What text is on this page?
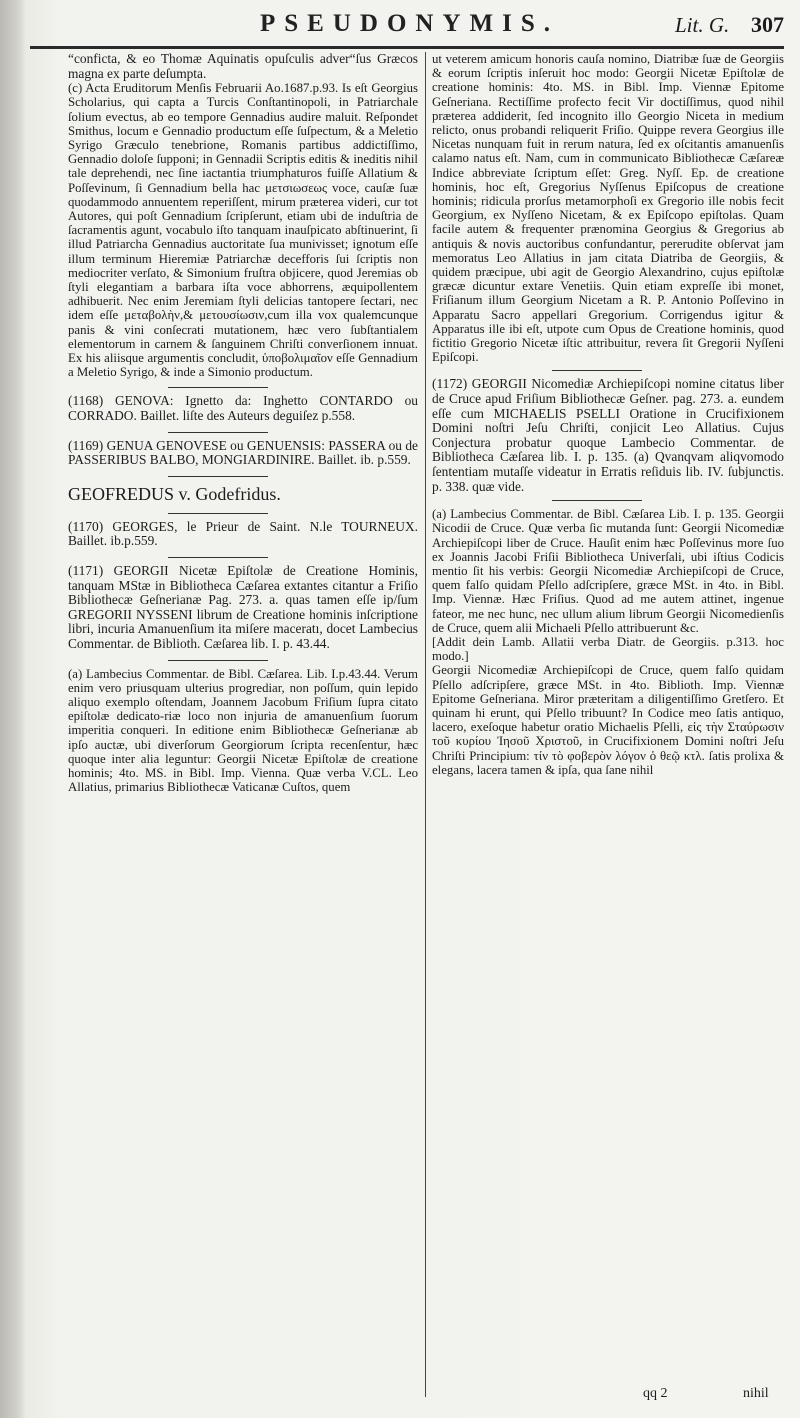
PSEUDONYMIS.	Lit. G. 307

“confictа, & eo Thomæ Aquinatis opuſculis adver“ſus Græcos magna ex parte deſumpta.

(c) Acta Eruditorum Menſis Februarii Ao.1687.p.93. Is eſt Georgius Scholarius, qui capta a Turcis Conſtantinopoli, in Patriarchale ſolium evectus, ab eo tempore Gennadius audire maluit. Reſpondet Smithus, locum e Gennadio productum eſſe ſuſpectum, & a Meletio Syrigo Græculo tenebrione, Romanis partibus addictiſſimo, Gennadio doloſe ſupponi; in Gennadii Scriptis editis & ineditis nihil tale deprehendi, nec ſine iactantia triumphaturos fuiſſe Allatium & Poſſevinum, ſi Gennadium bella hac μετσιωσεως voce, cauſæ ſuæ quodammodo annuentem reperiſſent, mirum præterea videri, cur tot Autores, qui poſt Gennadium ſcripſerunt, etiam ubi de induſtria de ſacramentis agunt, vocabulo iſto tanquam inauſpicato abſtinuerint, ſi illud Patriarcha Gennadius auctoritate ſua munivisset; ignotum eſſe illum terminum Hieremiæ Patriarchæ decefforis ſui ſcriptis non mediocriter verſato, & Simonium fruſtra objicere, quod Jeremias ob ſtyli elegantiam a barbara iſta voce abhorrens, æquipollentem adhibuerit. Nec enim Jeremiam ſtyli delicias tantopere ſectari, nec idem eſſe μεταβολὴν,& μετουσίωσιν,cum illa vox qualemcunque panis & vini conſecrati mutationem, hæc vero ſubſtantialem elementorum in carnem & ſanguinem Chriſti converſionem innuat. Ex his aliisque argumentis concludit, ὑποβολιμαῖον eſſe Gennadium a Meletio Syrigo, & inde a Simonio productum.

(1168) GENOVA: Ignetto da: Inghetto CONTARDO ou CORRADO. Baillet. liſte des Auteurs deguiſez p.558.

(1169) GENUA GENOVESE ou GENUENSIS: PASSERA ou de PASSERIBUS BALBO, MONGIARDINIRE. Baillet. ib. p.559.

GEOFREDUS v. Godefridus.

(1170) GEORGES, le Prieur de Saint. N.le TOURNEUX. Baillet. ib.p.559.

(1171) GEORGII Nicetæ Epiſtolæ de Creatione Hominis, tanquam MStæ in Bibliotheca Cæſarea extantes citantur a Friſio Bibliothecæ Geſnerianæ Pag. 273. a. quas tamen eſſe ip/ſum GREGORII NYSSENI librum de Creatione hominis inſcriptione libri, incuria Amanuenſium ita miſere maceratı, docet Lambecius Commentar. de Biblioth. Cæſarea lib. I. p. 43.44.

(a) Lambecius Commentar. de Bibl. Cæſarea. Lib. I.p.43.44. Verum enim vero priusquam ulterius progrediar, non poſſum, quin lepido aliquo exemplo oſtendam, Joannem Jacobum Friſium ſupra citato epiſtolæ dedicato-riæ loco non injuria de amanuenſium ſuorum imperitia conqueri. In editione enim Bibliothecæ Geſnerianæ ab ipſo auctæ, ubi diverſorum Georgiorum ſcripta recenſentur, hæc quoque inter alia leguntur: Georgii Nicetæ Epiſtolæ de creatione hominis; 4to. MS. in Bibl. Imp. Vienna. Quæ verba V.CL. Leo Allatius, primarius Bibliothecæ Vaticanæ Cuſtos, quem

ut veterem amicum honoris cauſa nomino, Diatribæ ſuæ de Georgiis & eorum ſcriptis inſeruit hoc modo: Georgii Nicetæ Epiſtolæ de creatione hominis: 4to. MS. in Bibl. Imp. Viennæ Epitome Geſneriana. Rectiſſime profecto fecit Vir doctiſſimus, quod nihil præterea addiderit, ſed incognito illo Georgio Nicetа in medium relicto, onus probandi reliquerit Friſio. Quippe revera Georgius ille Nicetas nunquam fuit in rerum natura, ſed ex oſcitantis amanuenſis calamo natus eſt. Nam, cum in communicato Bibliothecæ Cæſareæ Indice abbreviate ſcriptum eſſet: Greg. Nyſſ. Ep. de creatione hominis, hoc eſt, Gregorius Nyſſenus Epiſcopus de creatione hominis; ridicula prorſus metamorphoſi ex Gregorio ille nobis fecit Georgium, ex Nyſſeno Nicetam, & ex Epiſcopo epiſtolas. Quam facile autem & frequenter prænomina Georgius & Gregorius ab antiquis & novis auctoribus confundantur, pereruditе obſervat jam memoratus Leo Allatius in jam citata Diatriba de Georgiis, & quidem præcipue, ubi agit de Georgio Alexandrino, cujus epiſtolæ græcæ dicuntur extare Venetiis. Quin etiam expreſſe ibi monet, Friſianum illum Georgium Nicetam a R. P. Antonio Poſſevino in Apparatu Sacro appellari Gregorium. Corrigendus igitur & Apparatus ille ibi eſt, utpote cum Opus de Creatione hominis, quod fictitio Gregorio Nicetæ iſtic attribuitur, revera ſit Gregorii Nyſſeni Epiſcopi.

(1172) GEORGII Nicomediæ Archiepiſcopi nomine citatus liber de Cruce apud Friſium Bibliothecæ Geſner. pag. 273. a. eundem eſſe cum MICHAELIS PSELLI Oratione in Crucifixionem Domini noſtri Jeſu Chriſti, conjicit Leo Allatius. Cujus Conjectura probatur quoque Lambecio Commentar. de Bibliotheca Cæſarea lib. I. p. 135. (a) Qvanqvam aliqvomodo ſententiam mutaſſe videatur in Erratis reſiduis lib. IV. ſubjunctis. p. 338. quæ vide.

(a) Lambecius Commentar. de Bibl. Cæſarea Lib. I. p. 135. Georgii Nicodii de Cruce. Quæ verba ſic mutanda ſunt: Georgii Nicomediæ Archiepiſcopi liber de Cruce. Hauſit enim hæc Poſſevinus more ſuo ex Joannis Jacobi Friſii Bibliotheca Univerſali, ubi iſtius Codicis mentio ſit his verbis: Georgii Nicomediæ Archiepiſcopi de Cruce, quem falſo quidam Pſello adſcripſere, græce MSt. in 4to. in Bibl. Imp. Viennæ. Hæc Friſius. Quod ad me autem attinet, ingenue fateor, me nec hunc, nec ullum alium librum Georgii Nicomedienſis de Cruce, quem alii Michaeli Pſello attribuerunt &c.

[Addit dein Lamb. Allatii verba Diatr. de Georgiis. p.313. hoc modo.]

Georgii Nicomediæ Archiepiſcopi de Cruce, quem falſo quidam Pſello adſcripſere, græce MSt. in 4to. Biblioth. Imp. Viennæ Epitome Geſneriana. Miror præteritam a diligentiſſimo Gretſero. Et quinam hi erunt, qui Pſello tribuunt? In Codice meo ſatis antiquo, lacero, exeſoque habetur oratio Michaelis Pſelli, εἰς τὴν Σταύρωσιν τοῦ κυρίου Ἰησοῦ Χριστοῦ, in Crucifixionem Domini noſtri Jeſu Chriſti Principium: τίν τὸ φοβερὸν λόγον ὁ θεῷ κτλ. ſatis prolixa & elegans, lacera tamen & ipſa, qua ſane nihil

qq 2	nihil
